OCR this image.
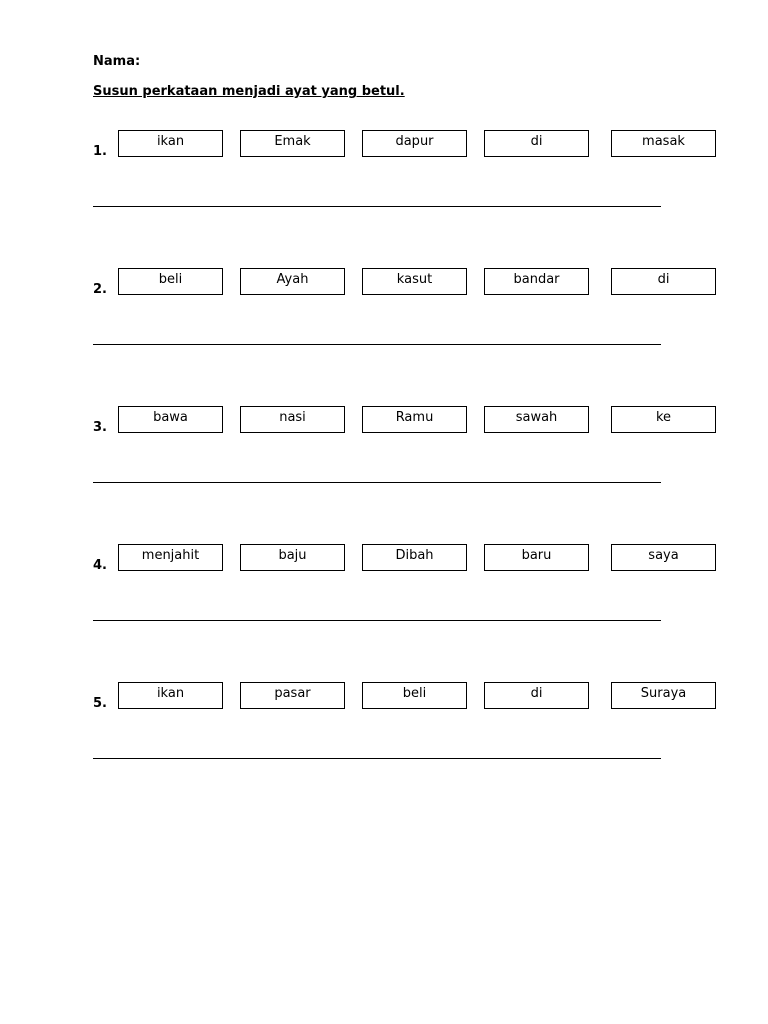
Nama:
Susun perkataan menjadi ayat yang betul.
1.
ikan	Emak	dapur	di	masak
2.
beli	Ayah	kasut	bandar	di
3.
bawa	nasi	Ramu	sawah	ke
4.
menjahit	baju	Dibah	baru	saya
5.
ikan	pasar	beli	di	Suraya
